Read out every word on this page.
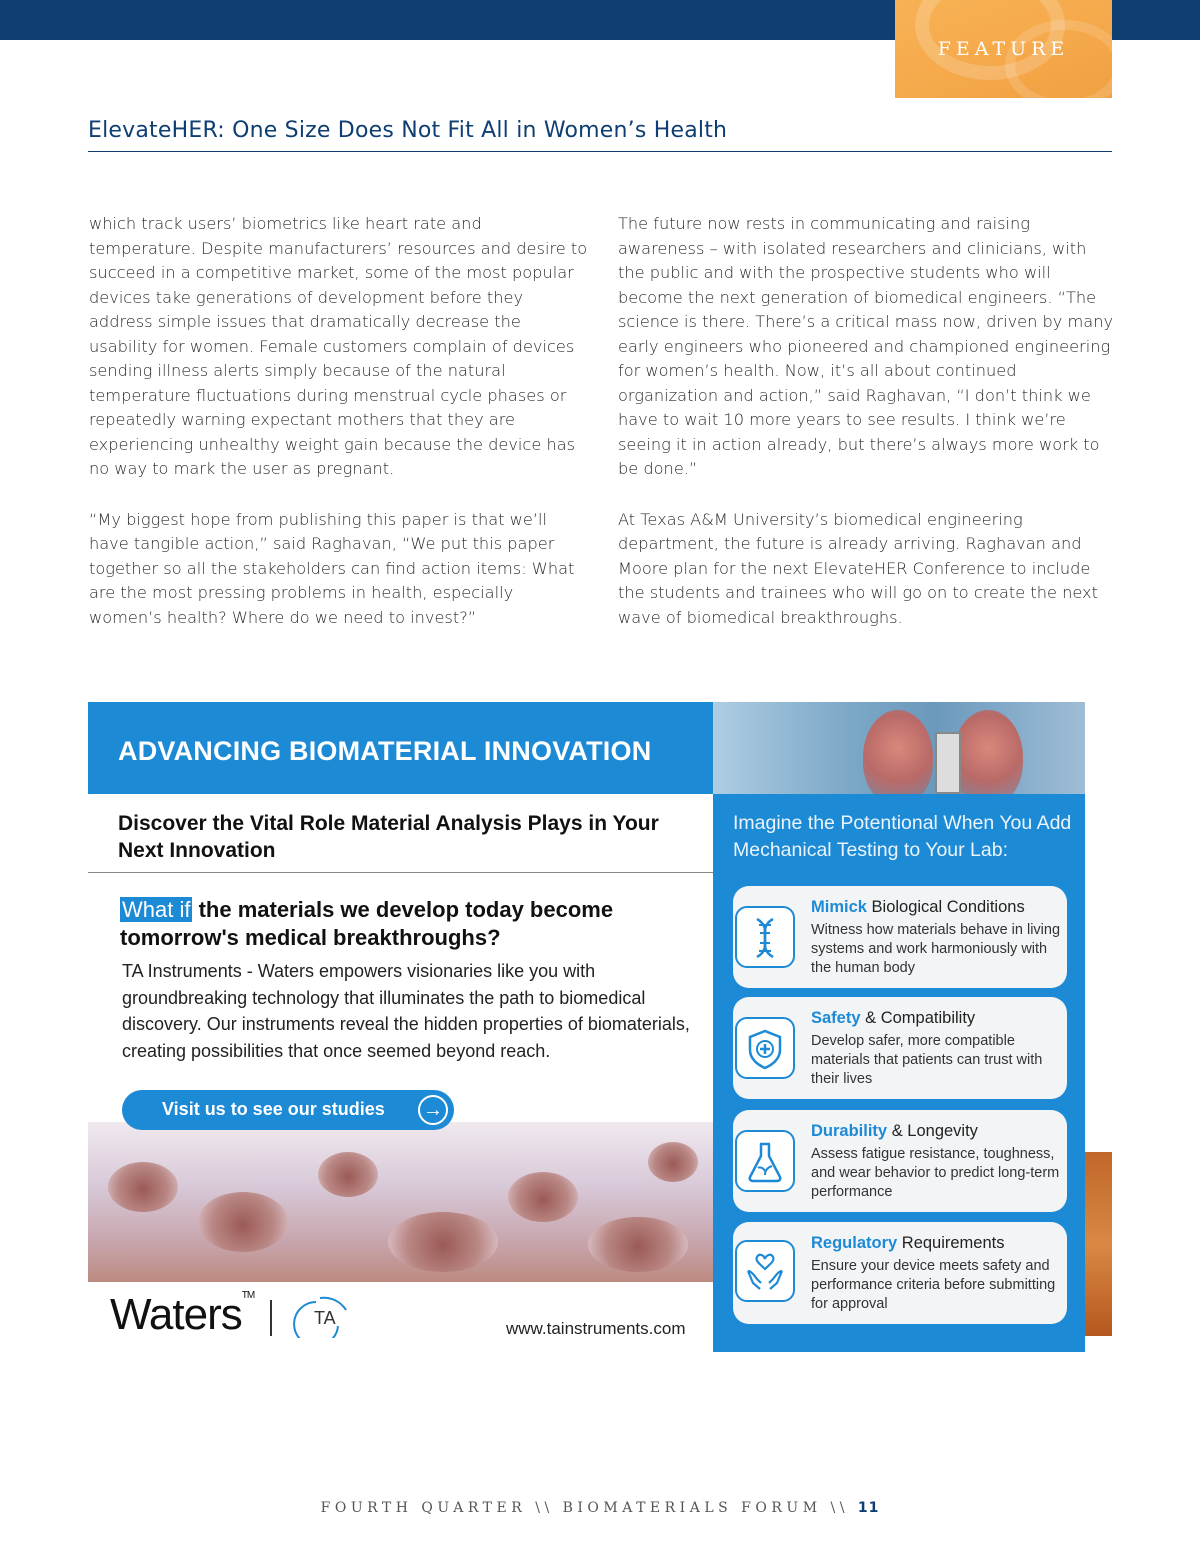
FEATURE
ElevateHER: One Size Does Not Fit All in Women’s Health

which track users’ biometrics like heart rate and temperature. Despite manufacturers’ resources and desire to succeed in a competitive market, some of the most popular devices take generations of development before they address simple issues that dramatically decrease the usability for women. Female customers complain of devices sending illness alerts simply because of the natural temperature fluctuations during menstrual cycle phases or repeatedly warning expectant mothers that they are experiencing unhealthy weight gain because the device has no way to mark the user as pregnant.

“My biggest hope from publishing this paper is that we’ll have tangible action,” said Raghavan, “We put this paper together so all the stakeholders can find action items: What are the most pressing problems in health, especially women’s health? Where do we need to invest?”

The future now rests in communicating and raising awareness – with isolated researchers and clinicians, with the public and with the prospective students who will become the next generation of biomedical engineers. “The science is there. There’s a critical mass now, driven by many early engineers who pioneered and championed engineering for women’s health. Now, it’s all about continued organization and action,” said Raghavan, “I don’t think we have to wait 10 more years to see results. I think we’re seeing it in action already, but there’s always more work to be done.”

At Texas A&M University’s biomedical engineering department, the future is already arriving. Raghavan and Moore plan for the next ElevateHER Conference to include the students and trainees who will go on to create the next wave of biomedical breakthroughs.

ADVANCING BIOMATERIAL INNOVATION
Discover the Vital Role Material Analysis Plays in Your Next Innovation
What if the materials we develop today become tomorrow's medical breakthroughs?
TA Instruments - Waters empowers visionaries like you with groundbreaking technology that illuminates the path to biomedical discovery. Our instruments reveal the hidden properties of biomaterials, creating possibilities that once seemed beyond reach.
Visit us to see our studies →
Waters™
TA
www.tainstruments.com
Imagine the Potentional When You Add Mechanical Testing to Your Lab:
Mimick Biological Conditions
Witness how materials behave in living systems and work harmoniously with the human body
Safety & Compatibility
Develop safer, more compatible materials that patients can trust with their lives
Durability & Longevity
Assess fatigue resistance, toughness, and wear behavior to predict long-term performance
Regulatory Requirements
Ensure your device meets safety and performance criteria before submitting for approval
FOURTH QUARTER \\ BIOMATERIALS FORUM \\ 11
